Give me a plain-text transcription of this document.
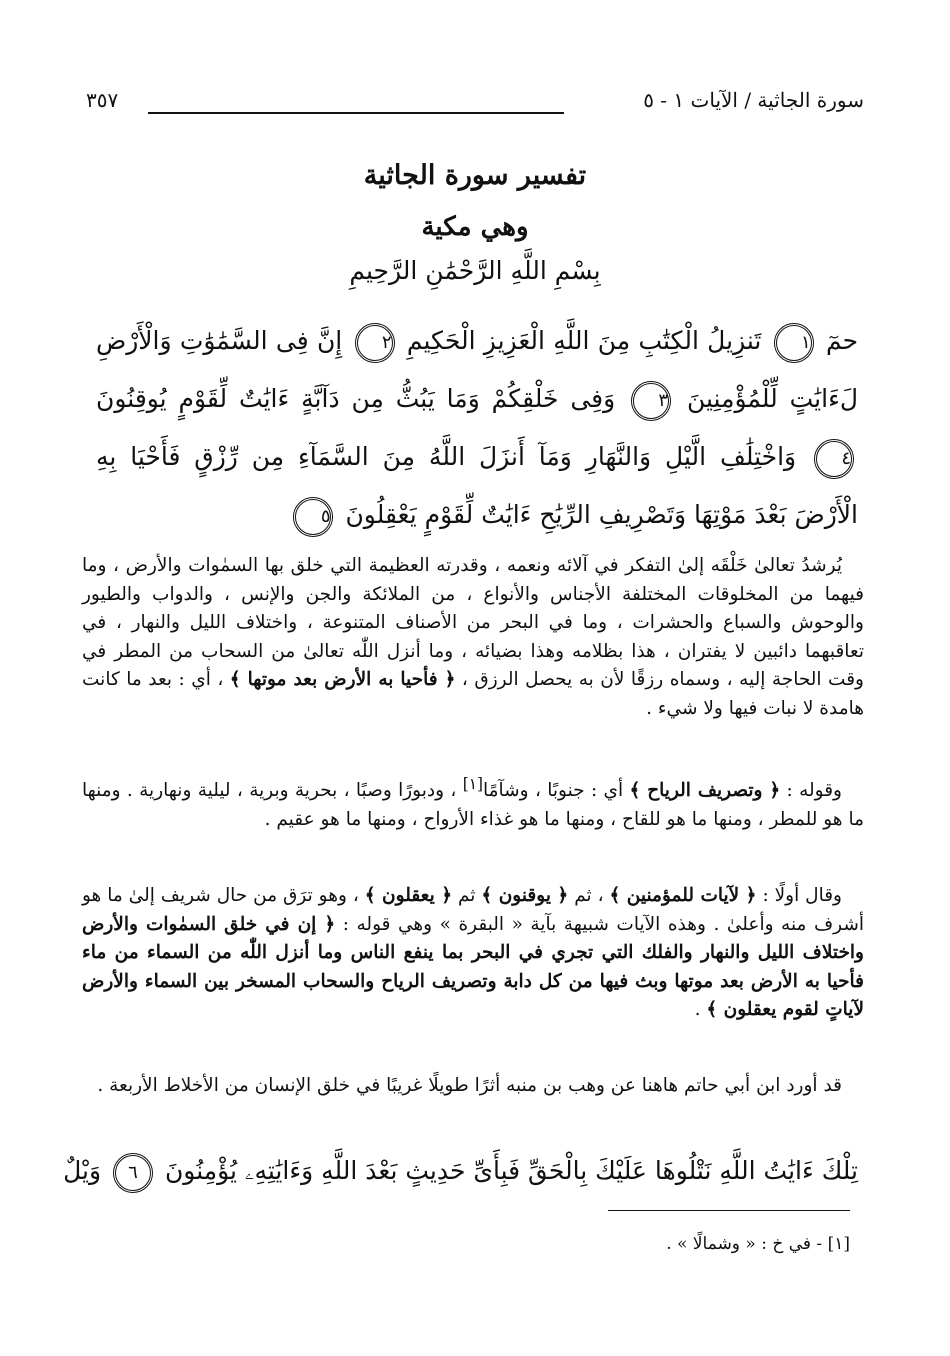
سورة الجاثية / الآيات ١ - ٥
٣٥٧
تفسير سورة الجاثية
وهي مكية
بِسْمِ اللَّهِ الرَّحْمَٰنِ الرَّحِيمِ
حمٓ ١ تَنزِيلُ الْكِتَٰبِ مِنَ اللَّهِ الْعَزِيزِ الْحَكِيمِ ٢ إِنَّ فِى السَّمَٰوَٰتِ وَالْأَرْضِ لَءَايَٰتٍ لِّلْمُؤْمِنِينَ ٣ وَفِى خَلْقِكُمْ وَمَا يَبُثُّ مِن دَآبَّةٍ ءَايَٰتٌ لِّقَوْمٍ يُوقِنُونَ ٤ وَاخْتِلَٰفِ الَّيْلِ وَالنَّهَارِ وَمَآ أَنزَلَ اللَّهُ مِنَ السَّمَآءِ مِن رِّزْقٍ فَأَحْيَا بِهِ الْأَرْضَ بَعْدَ مَوْتِهَا وَتَصْرِيفِ الرِّيَٰحِ ءَايَٰتٌ لِّقَوْمٍ يَعْقِلُونَ ٥
يُرشدُ تعالىٰ خَلْقَه إلىٰ التفكر في آلائه ونعمه ، وقدرته العظيمة التي خلق بها السمٰوات والأرض ، وما فيهما من المخلوقات المختلفة الأجناس والأنواع ، من الملائكة والجن والإنس ، والدواب والطيور والوحوش والسباع والحشرات ، وما في البحر من الأصناف المتنوعة ، واختلاف الليل والنهار ، في تعاقبهما دائبين لا يفتران ، هذا بظلامه وهذا بضيائه ، وما أنزل اللّٰه تعالىٰ من السحاب من المطر في وقت الحاجة إليه ، وسماه رزقًا لأن به يحصل الرزق ، ﴿ فأحيا به الأرض بعد موتها ﴾ ، أي : بعد ما كانت هامدة لا نبات فيها ولا شيء .
وقوله : ﴿ وتصريف الرياح ﴾ أي : جنوبًا ، وشآمًا[١] ، ودبورًا وصبًا ، بحرية وبرية ، ليلية ونهارية . ومنها ما هو للمطر ، ومنها ما هو للقاح ، ومنها ما هو غذاء الأرواح ، ومنها ما هو عقيم .
وقال أولًا : ﴿ لآيات للمؤمنين ﴾ ، ثم ﴿ يوقنون ﴾ ثم ﴿ يعقلون ﴾ ، وهو ترَق من حال شريف إلىٰ ما هو أشرف منه وأعلىٰ . وهذه الآيات شبيهة بآية « البقرة » وهي قوله : ﴿ إن في خلق السمٰوات والأرض واختلاف الليل والنهار والفلك التي تجري في البحر بما ينفع الناس وما أنزل اللّٰه من السماء من ماء فأحيا به الأرض بعد موتها وبث فيها من كل دابة وتصريف الرياح والسحاب المسخر بين السماء والأرض لآياتٍ لقوم يعقلون ﴾ .
قد أورد ابن أبي حاتم هاهنا عن وهب بن منبه أثرًا طويلًا غريبًا في خلق الإنسان من الأخلاط الأربعة .
تِلْكَ ءَايَٰتُ اللَّهِ نَتْلُوهَا عَلَيْكَ بِالْحَقِّ فَبِأَىِّ حَدِيثٍ بَعْدَ اللَّهِ وَءَايَٰتِهِۦ يُؤْمِنُونَ ٦ وَيْلٌ
[١] - في خ : « وشمالًا » .
